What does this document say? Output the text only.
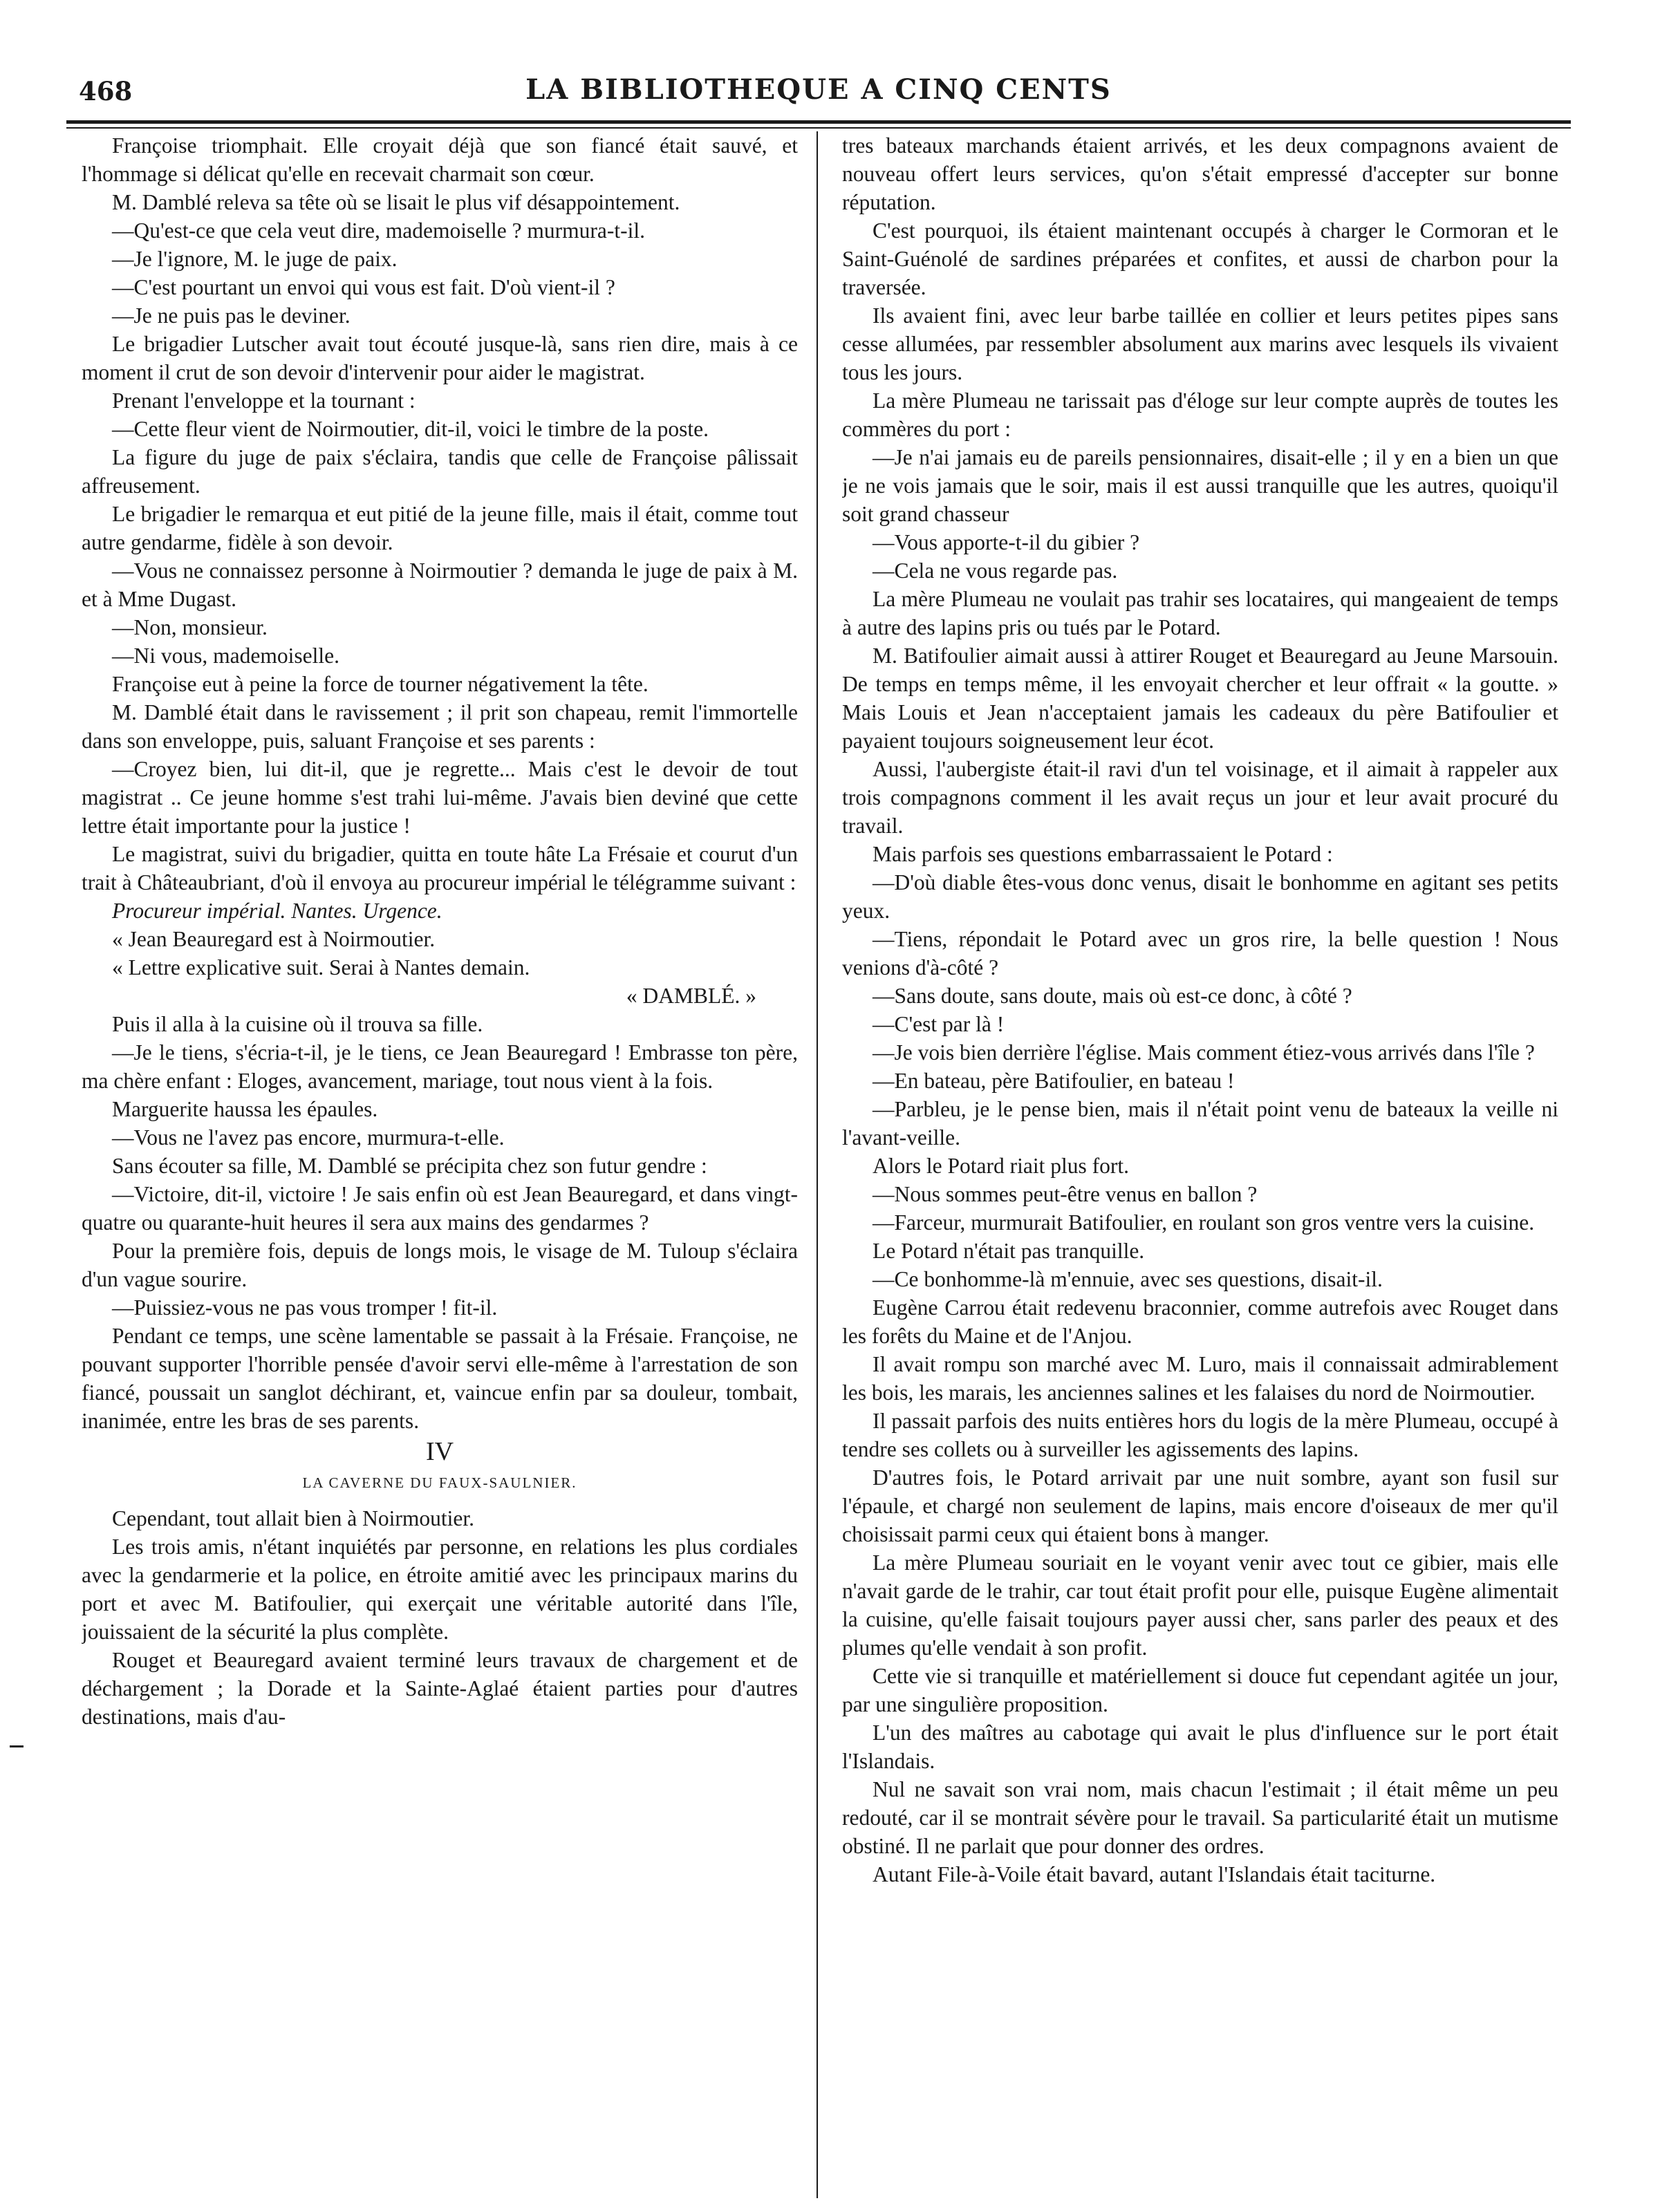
468	LA BIBLIOTHEQUE A CINQ CENTS

Françoise triomphait. Elle croyait déjà que son fiancé était sauvé, et l'hommage si délicat qu'elle en recevait charmait son cœur.

M. Damblé releva sa tête où se lisait le plus vif désappointement.

—Qu'est-ce que cela veut dire, mademoiselle ? murmura-t-il.

—Je l'ignore, M. le juge de paix.

—C'est pourtant un envoi qui vous est fait. D'où vient-il ?

—Je ne puis pas le deviner.

Le brigadier Lutscher avait tout écouté jusque-là, sans rien dire, mais à ce moment il crut de son devoir d'intervenir pour aider le magistrat.

Prenant l'enveloppe et la tournant :

—Cette fleur vient de Noirmoutier, dit-il, voici le timbre de la poste.

La figure du juge de paix s'éclaira, tandis que celle de Françoise pâlissait affreusement.

Le brigadier le remarqua et eut pitié de la jeune fille, mais il était, comme tout autre gendarme, fidèle à son devoir.

—Vous ne connaissez personne à Noirmoutier ? demanda le juge de paix à M. et à Mme Dugast.

—Non, monsieur.

—Ni vous, mademoiselle.

Françoise eut à peine la force de tourner négativement la tête.

M. Damblé était dans le ravissement ; il prit son chapeau, remit l'immortelle dans son enveloppe, puis, saluant Françoise et ses parents :

—Croyez bien, lui dit-il, que je regrette... Mais c'est le devoir de tout magistrat .. Ce jeune homme s'est trahi lui-même. J'avais bien deviné que cette lettre était importante pour la justice !

Le magistrat, suivi du brigadier, quitta en toute hâte La Frésaie et courut d'un trait à Châteaubriant, d'où il envoya au procureur impérial le télégramme suivant :

Procureur impérial. Nantes. Urgence.

« Jean Beauregard est à Noirmoutier.

« Lettre explicative suit. Serai à Nantes demain.

« DAMBLÉ. »

Puis il alla à la cuisine où il trouva sa fille.

—Je le tiens, s'écria-t-il, je le tiens, ce Jean Beauregard ! Embrasse ton père, ma chère enfant : Eloges, avancement, mariage, tout nous vient à la fois.

Marguerite haussa les épaules.

—Vous ne l'avez pas encore, murmura-t-elle.

Sans écouter sa fille, M. Damblé se précipita chez son futur gendre :

—Victoire, dit-il, victoire ! Je sais enfin où est Jean Beauregard, et dans vingt-quatre ou quarante-huit heures il sera aux mains des gendarmes ?

Pour la première fois, depuis de longs mois, le visage de M. Tuloup s'éclaira d'un vague sourire.

—Puissiez-vous ne pas vous tromper ! fit-il.

Pendant ce temps, une scène lamentable se passait à la Frésaie. Françoise, ne pouvant supporter l'horrible pensée d'avoir servi elle-même à l'arrestation de son fiancé, poussait un sanglot déchirant, et, vaincue enfin par sa douleur, tombait, inanimée, entre les bras de ses parents.

IV

LA CAVERNE DU FAUX-SAULNIER.

Cependant, tout allait bien à Noirmoutier.

Les trois amis, n'étant inquiétés par personne, en relations les plus cordiales avec la gendarmerie et la police, en étroite amitié avec les principaux marins du port et avec M. Batifoulier, qui exerçait une véritable autorité dans l'île, jouissaient de la sécurité la plus complète.

Rouget et Beauregard avaient terminé leurs travaux de chargement et de déchargement ; la Dorade et la Sainte-Aglaé étaient parties pour d'autres destinations, mais d'au-

tres bateaux marchands étaient arrivés, et les deux compagnons avaient de nouveau offert leurs services, qu'on s'était empressé d'accepter sur bonne réputation.

C'est pourquoi, ils étaient maintenant occupés à charger le Cormoran et le Saint-Guénolé de sardines préparées et confites, et aussi de charbon pour la traversée.

Ils avaient fini, avec leur barbe taillée en collier et leurs petites pipes sans cesse allumées, par ressembler absolument aux marins avec lesquels ils vivaient tous les jours.

La mère Plumeau ne tarissait pas d'éloge sur leur compte auprès de toutes les commères du port :

—Je n'ai jamais eu de pareils pensionnaires, disait-elle ; il y en a bien un que je ne vois jamais que le soir, mais il est aussi tranquille que les autres, quoiqu'il soit grand chasseur

—Vous apporte-t-il du gibier ?

—Cela ne vous regarde pas.

La mère Plumeau ne voulait pas trahir ses locataires, qui mangeaient de temps à autre des lapins pris ou tués par le Potard.

M. Batifoulier aimait aussi à attirer Rouget et Beauregard au Jeune Marsouin. De temps en temps même, il les envoyait chercher et leur offrait « la goutte. » Mais Louis et Jean n'acceptaient jamais les cadeaux du père Batifoulier et payaient toujours soigneusement leur écot.

Aussi, l'aubergiste était-il ravi d'un tel voisinage, et il aimait à rappeler aux trois compagnons comment il les avait reçus un jour et leur avait procuré du travail.

Mais parfois ses questions embarrassaient le Potard :

—D'où diable êtes-vous donc venus, disait le bonhomme en agitant ses petits yeux.

—Tiens, répondait le Potard avec un gros rire, la belle question ! Nous venions d'à-côté ?

—Sans doute, sans doute, mais où est-ce donc, à côté ?

—C'est par là !

—Je vois bien derrière l'église. Mais comment étiez-vous arrivés dans l'île ?

—En bateau, père Batifoulier, en bateau !

—Parbleu, je le pense bien, mais il n'était point venu de bateaux la veille ni l'avant-veille.

Alors le Potard riait plus fort.

—Nous sommes peut-être venus en ballon ?

—Farceur, murmurait Batifoulier, en roulant son gros ventre vers la cuisine.

Le Potard n'était pas tranquille.

—Ce bonhomme-là m'ennuie, avec ses questions, disait-il.

Eugène Carrou était redevenu braconnier, comme autrefois avec Rouget dans les forêts du Maine et de l'Anjou.

Il avait rompu son marché avec M. Luro, mais il connaissait admirablement les bois, les marais, les anciennes salines et les falaises du nord de Noirmoutier.

Il passait parfois des nuits entières hors du logis de la mère Plumeau, occupé à tendre ses collets ou à surveiller les agissements des lapins.

D'autres fois, le Potard arrivait par une nuit sombre, ayant son fusil sur l'épaule, et chargé non seulement de lapins, mais encore d'oiseaux de mer qu'il choisissait parmi ceux qui étaient bons à manger.

La mère Plumeau souriait en le voyant venir avec tout ce gibier, mais elle n'avait garde de le trahir, car tout était profit pour elle, puisque Eugène alimentait la cuisine, qu'elle faisait toujours payer aussi cher, sans parler des peaux et des plumes qu'elle vendait à son profit.

Cette vie si tranquille et matériellement si douce fut cependant agitée un jour, par une singulière proposition.

L'un des maîtres au cabotage qui avait le plus d'influence sur le port était l'Islandais.

Nul ne savait son vrai nom, mais chacun l'estimait ; il était même un peu redouté, car il se montrait sévère pour le travail. Sa particularité était un mutisme obstiné. Il ne parlait que pour donner des ordres.

Autant File-à-Voile était bavard, autant l'Islandais était taciturne.
